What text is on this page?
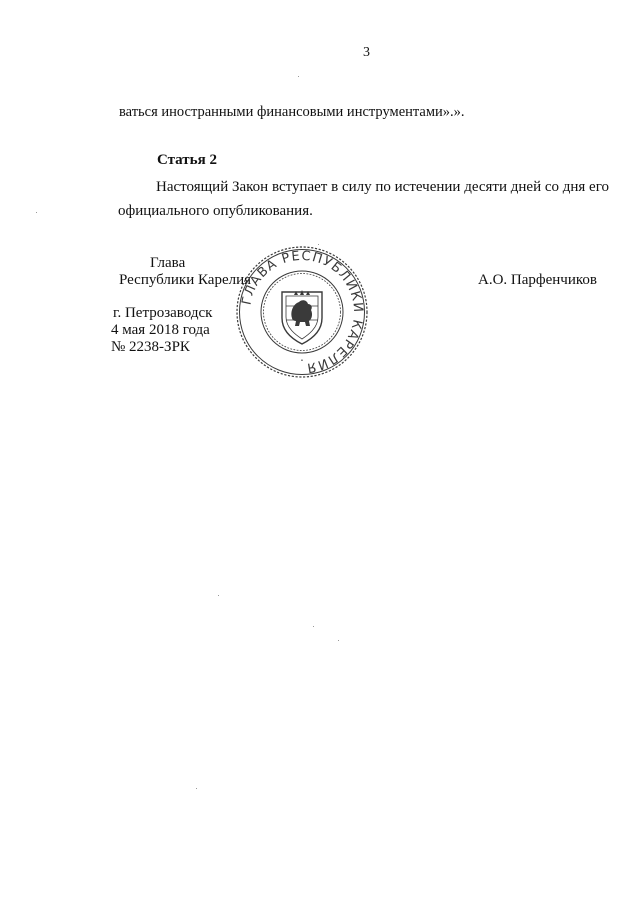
3
ваться иностранными финансовыми инструментами».».
Статья 2
Настоящий Закон вступает в силу по истечении десяти дней со дня его
официального опубликования.
Глава
Республики Карелия	А.О. Парфенчиков
г. Петрозаводск
4 мая 2018 года
№ 2238-ЗРК
ГЛАВА РЕСПУБЛИКИ КАРЕЛИЯ
•
